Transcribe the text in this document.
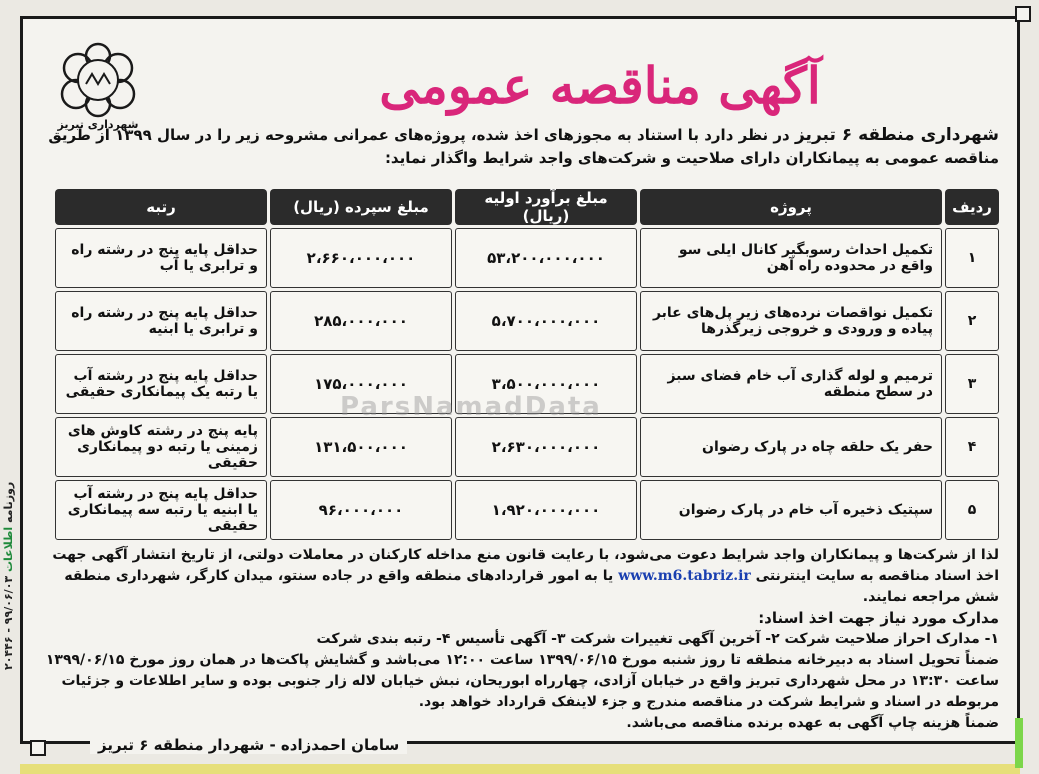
شهرداری تبریز
آگهی مناقصه عمومی
شهرداری منطقه ۶ تبریز در نظر دارد با استناد به مجوزهای اخذ شده، پروژه‌های عمرانی مشروحه زیر را در سال ۱۳۹۹ از طریق مناقصه عمومی به پیمانکاران دارای صلاحیت و شرکت‌های واجد شرایط واگذار نماید:
ردیف	پروژه	مبلغ برآورد اولیه (ریال)	مبلغ سپرده (ریال)	رتبه
۱	تکمیل احداث رسوبگیر کانال ایلی سو واقع در محدوده راه آهن	۵۳،۲۰۰،۰۰۰،۰۰۰	۲،۶۶۰،۰۰۰،۰۰۰	حداقل پایه پنج در رشته راه و ترابری یا آب
۲	تکمیل نواقصات نرده‌های زیر پل‌های عابر پیاده و ورودی و خروجی زیرگذرها	۵،۷۰۰،۰۰۰،۰۰۰	۲۸۵،۰۰۰،۰۰۰	حداقل پایه پنج در رشته راه و ترابری یا ابنیه
۳	ترمیم و لوله گذاری آب خام فضای سبز در سطح منطقه	۳،۵۰۰،۰۰۰،۰۰۰	۱۷۵،۰۰۰،۰۰۰	حداقل پایه پنج در رشته آب یا رتبه یک پیمانکاری حقیقی
۴	حفر یک حلقه چاه در پارک رضوان	۲،۶۳۰،۰۰۰،۰۰۰	۱۳۱،۵۰۰،۰۰۰	پایه پنج در رشته کاوش های زمینی یا رتبه دو پیمانکاری حقیقی
۵	سپتیک ذخیره آب خام در پارک رضوان	۱،۹۲۰،۰۰۰،۰۰۰	۹۶،۰۰۰،۰۰۰	حداقل پایه پنج در رشته آب یا ابنیه یا رتبه سه پیمانکاری حقیقی
ParsNamadData
لذا از شرکت‌ها و پیمانکاران واجد شرایط دعوت می‌شود، با رعایت قانون منع مداخله کارکنان در معاملات دولتی، از تاریخ انتشار آگهی جهت اخذ اسناد مناقصه به سایت اینترنتی www.m6.tabriz.ir یا به امور قراردادهای منطقه واقع در جاده سنتو، میدان کارگر، شهرداری منطقه شش مراجعه نمایند.
مدارک مورد نیاز جهت اخذ اسناد:
۱- مدارک احراز صلاحیت شرکت ۲- آخرین آگهی تغییرات شرکت ۳- آگهی تأسیس ۴- رتبه بندی شرکت
ضمناً تحویل اسناد به دبیرخانه منطقه تا روز شنبه مورخ ۱۳۹۹/۰۶/۱۵ ساعت ۱۲:۰۰ می‌باشد و گشایش پاکت‌ها در همان روز مورخ ۱۳۹۹/۰۶/۱۵ ساعت ۱۳:۳۰ در محل شهرداری تبریز واقع در خیابان آزادی، چهارراه ابوریحان، نبش خیابان لاله زار جنوبی بوده و سایر اطلاعات و جزئیات مربوطه در اسناد و شرایط شرکت در مناقصه مندرج و جزء لاینفک قرارداد خواهد بود.
ضمناً هزینه چاپ آگهی به عهده برنده مناقصه می‌باشد.
سامان احمدزاده - شهردار منطقه ۶ تبریز
روزنامه اطلاعات ۹۹/۰۶/۰۳ - ۲۰۴۴۶
